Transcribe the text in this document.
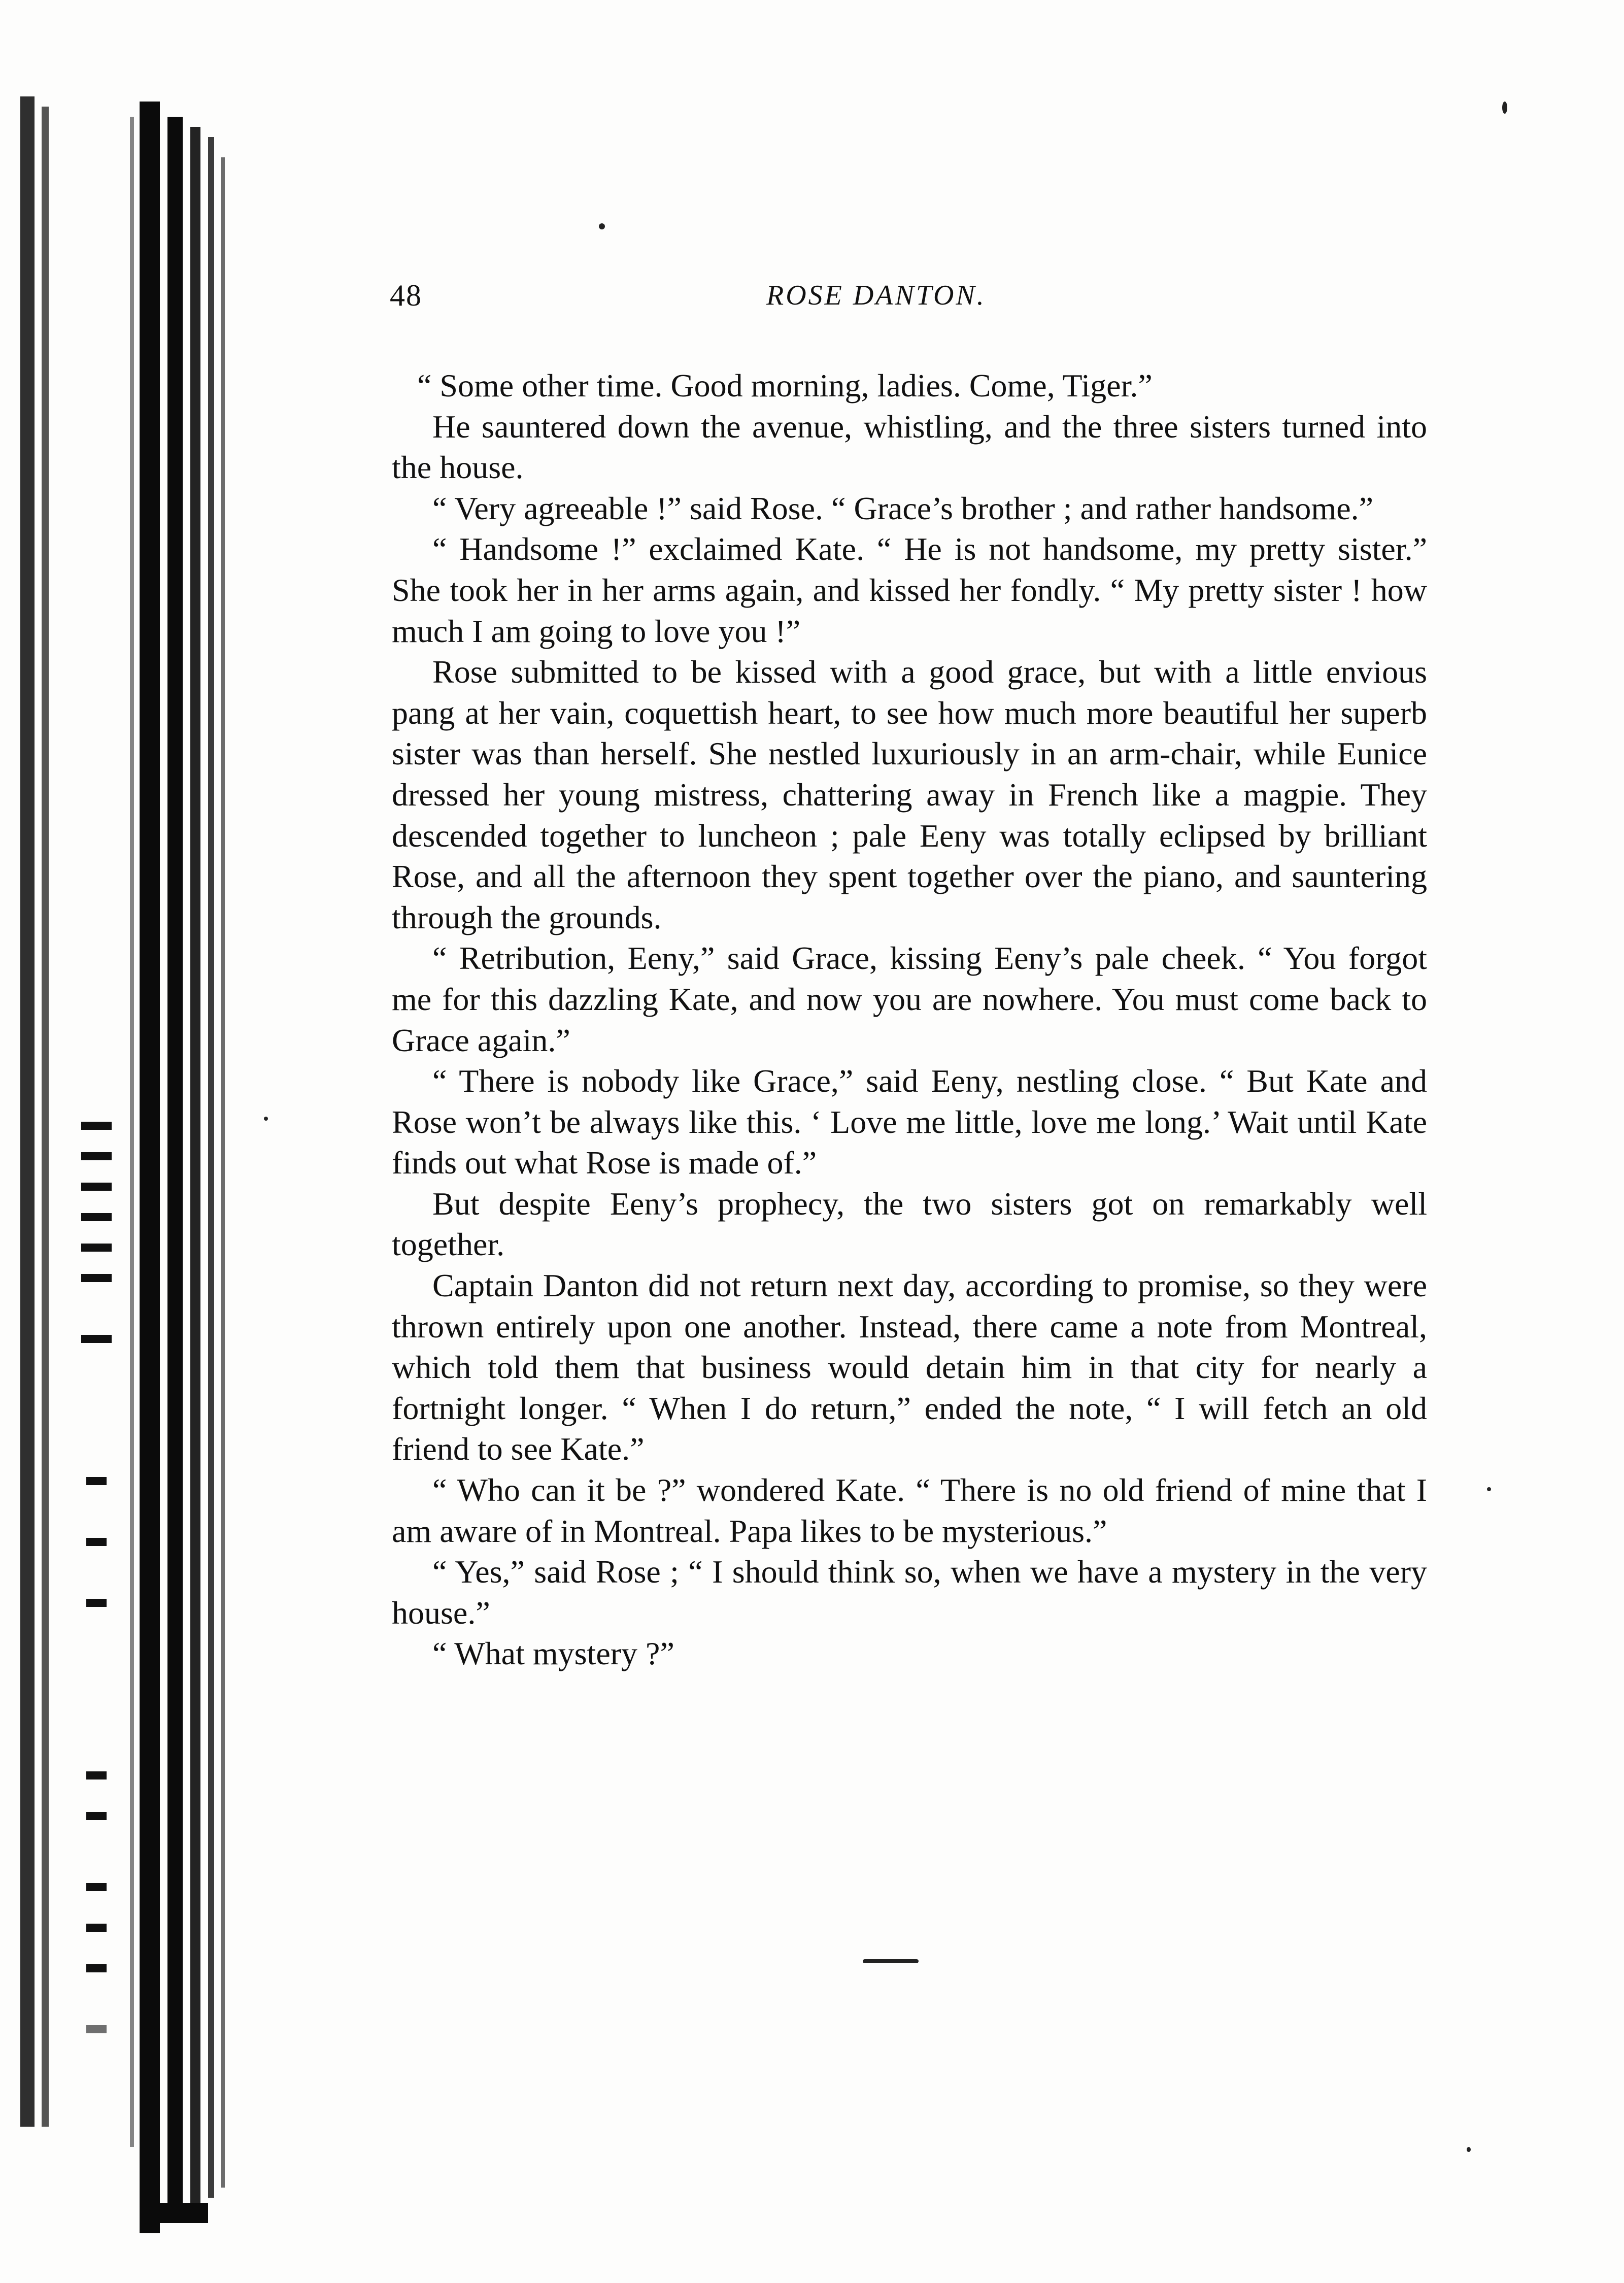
48	ROSE DANTON.

“ Some other time. Good morning, ladies. Come, Tiger.”

He sauntered down the avenue, whistling, and the three sisters turned into the house.

“ Very agreeable !” said Rose. “ Grace’s brother ; and rather handsome.”

“ Handsome !” exclaimed Kate. “ He is not handsome, my pretty sister.” She took her in her arms again, and kissed her fondly. “ My pretty sister ! how much I am going to love you !”

Rose submitted to be kissed with a good grace, but with a little envious pang at her vain, coquettish heart, to see how much more beautiful her superb sister was than herself. She nestled luxuriously in an arm-chair, while Eunice dressed her young mistress, chattering away in French like a magpie. They descended together to luncheon ; pale Eeny was totally eclipsed by brilliant Rose, and all the afternoon they spent together over the piano, and sauntering through the grounds.

“ Retribution, Eeny,” said Grace, kissing Eeny’s pale cheek. “ You forgot me for this dazzling Kate, and now you are nowhere. You must come back to Grace again.”

“ There is nobody like Grace,” said Eeny, nestling close. “ But Kate and Rose won’t be always like this. ‘ Love me little, love me long.’ Wait until Kate finds out what Rose is made of.”

But despite Eeny’s prophecy, the two sisters got on remarkably well together.

Captain Danton did not return next day, according to promise, so they were thrown entirely upon one another. Instead, there came a note from Montreal, which told them that business would detain him in that city for nearly a fortnight longer. “ When I do return,” ended the note, “ I will fetch an old friend to see Kate.”

“ Who can it be ?” wondered Kate. “ There is no old friend of mine that I am aware of in Montreal. Papa likes to be mysterious.”

“ Yes,” said Rose ; “ I should think so, when we have a mystery in the very house.”

“ What mystery ?”
